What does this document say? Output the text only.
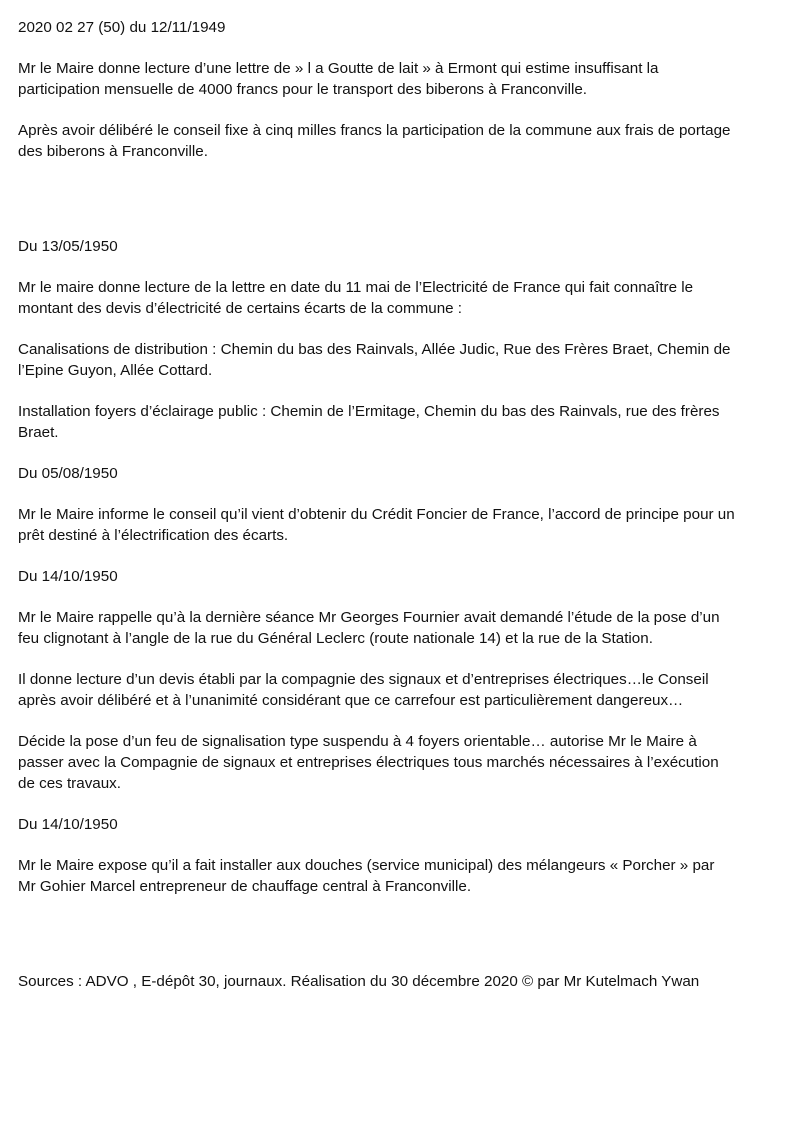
2020 02 27 (50) du 12/11/1949

Mr le Maire donne lecture d’une lettre de » l a Goutte de lait » à Ermont qui estime insuffisant la
participation mensuelle de 4000 francs pour le transport des biberons à Franconville.

Après avoir délibéré le conseil fixe à cinq milles francs la participation de la commune aux frais de portage
des biberons à Franconville.

Du 13/05/1950

Mr le maire donne lecture de la lettre en date du 11 mai de l’Electricité de France qui fait connaître le
montant des devis d’électricité de certains écarts de la commune :

Canalisations de distribution : Chemin du bas des Rainvals, Allée Judic, Rue des Frères Braet, Chemin de
l’Epine Guyon, Allée Cottard.

Installation foyers d’éclairage public : Chemin de l’Ermitage, Chemin du bas des Rainvals, rue des frères
Braet.

Du 05/08/1950

Mr le Maire informe le conseil qu’il vient d’obtenir du Crédit Foncier de France, l’accord de principe pour un
prêt destiné à l’électrification des écarts.

Du 14/10/1950

Mr le Maire rappelle qu’à la dernière séance Mr Georges Fournier avait demandé l’étude de la pose d’un
feu clignotant à l’angle de la rue du Général Leclerc (route nationale 14) et la rue de la Station.

Il donne lecture d’un devis établi par la compagnie des signaux et d’entreprises électriques…le Conseil
après avoir délibéré et à l’unanimité considérant que ce carrefour est particulièrement dangereux…

Décide la pose d’un feu de signalisation type suspendu à 4 foyers orientable… autorise Mr le Maire à
passer avec la Compagnie de signaux et entreprises électriques tous marchés nécessaires à l’exécution
de ces travaux.

Du 14/10/1950

Mr le Maire expose qu’il a fait installer aux douches (service municipal) des mélangeurs « Porcher » par
Mr Gohier Marcel entrepreneur de chauffage central à Franconville.

Sources : ADVO , E-dépôt 30, journaux. Réalisation du 30 décembre 2020 © par Mr Kutelmach Ywan
